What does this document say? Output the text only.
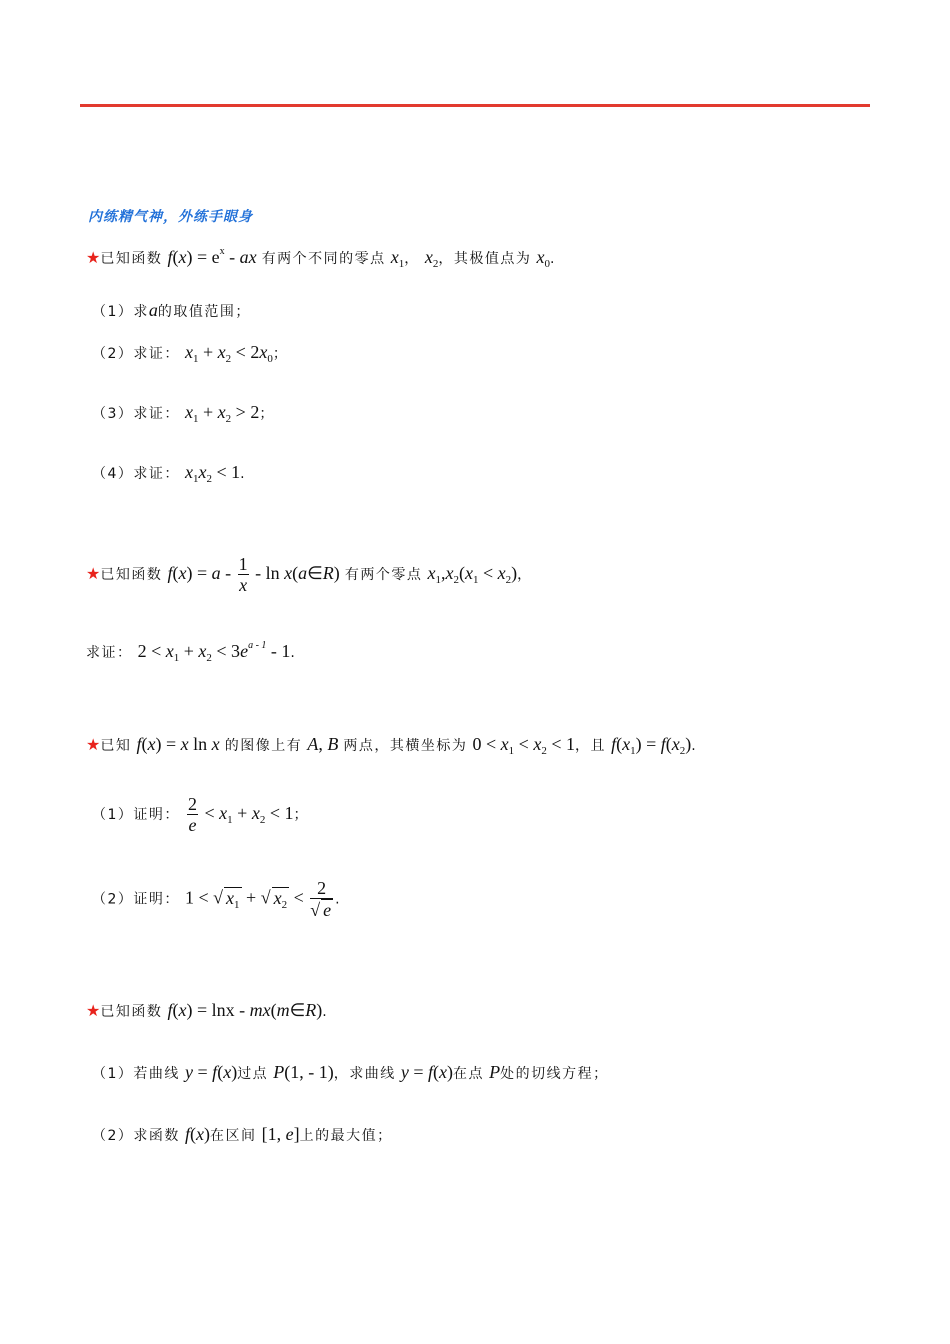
内练精气神，外练手眼身
★已知函数 $f(x) = e^x$ - ax 有两个不同的零点 $x_1$， $x_2$，其极值点为 $x_0$.
（1）求a的取值范围；
（2）求证： $x_1 + x_2 < 2x_0$；
（3）求证： $x_1 + x_2 > 2$；
（4）求证： $x_1x_2 < 1$.
★已知函数 $f(x) = a - \frac{1}{x} - \ln$ x(a∈R) 有两个零点 $x_1,x_2(x_1 < x_2)$，
求证： $2 < x_1 + x_2 < 3e^{a - 1} - 1$.
★已知 f(x) = x ln x 的图像上有 A, B 两点，其横坐标为 $0 < x_1 < x_2 < 1$，且 $f(x_1) = f(x_2)$.
（1）证明： $\frac{2}{e} < x_1 + x_2 < 1$；
（2）证明： 1 < √ $x_1$ + √ $x_2 < \frac{2}{√ e}$ .
★已知函数 f(x) = lnx - mx(m∈R).
（1）若曲线 y = f(x)过点 P(1, - 1)，求曲线 y = f(x)在点 P处的切线方程；
（2）求函数 f(x)在区间 [1, e]上的最大值；
